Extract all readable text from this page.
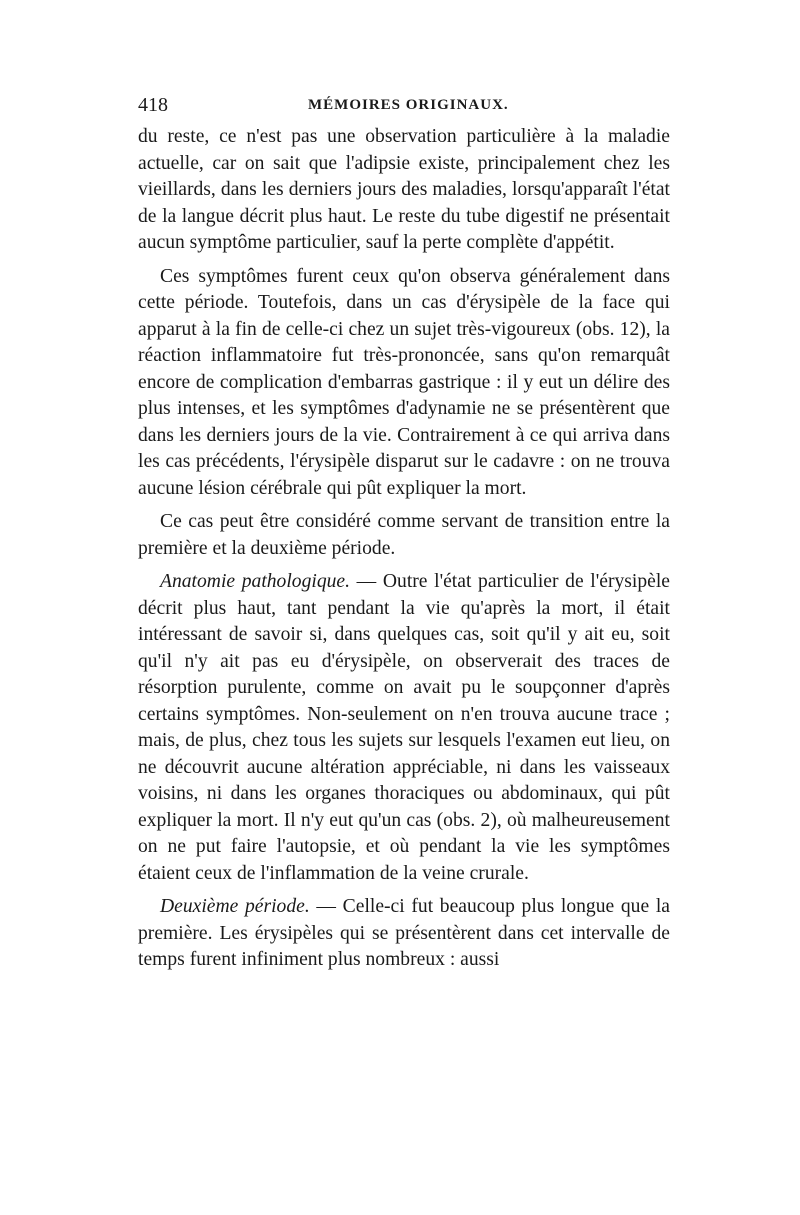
418	MÉMOIRES ORIGINAUX.

du reste, ce n'est pas une observation particulière à la maladie actuelle, car on sait que l'adipsie existe, principalement chez les vieillards, dans les derniers jours des maladies, lorsqu'apparaît l'état de la langue décrit plus haut. Le reste du tube digestif ne présentait aucun symptôme particulier, sauf la perte complète d'appétit.

Ces symptômes furent ceux qu'on observa généralement dans cette période. Toutefois, dans un cas d'érysipèle de la face qui apparut à la fin de celle-ci chez un sujet très-vigoureux (obs. 12), la réaction inflammatoire fut très-prononcée, sans qu'on remarquât encore de complication d'embarras gastrique : il y eut un délire des plus intenses, et les symptômes d'adynamie ne se présentèrent que dans les derniers jours de la vie. Contrairement à ce qui arriva dans les cas précédents, l'érysipèle disparut sur le cadavre : on ne trouva aucune lésion cérébrale qui pût expliquer la mort.

Ce cas peut être considéré comme servant de transition entre la première et la deuxième période.

Anatomie pathologique. — Outre l'état particulier de l'érysipèle décrit plus haut, tant pendant la vie qu'après la mort, il était intéressant de savoir si, dans quelques cas, soit qu'il y ait eu, soit qu'il n'y ait pas eu d'érysipèle, on observerait des traces de résorption purulente, comme on avait pu le soupçonner d'après certains symptômes. Non-seulement on n'en trouva aucune trace ; mais, de plus, chez tous les sujets sur lesquels l'examen eut lieu, on ne découvrit aucune altération appréciable, ni dans les vaisseaux voisins, ni dans les organes thoraciques ou abdominaux, qui pût expliquer la mort. Il n'y eut qu'un cas (obs. 2), où malheureusement on ne put faire l'autopsie, et où pendant la vie les symptômes étaient ceux de l'inflammation de la veine crurale.

Deuxième période. — Celle-ci fut beaucoup plus longue que la première. Les érysipèles qui se présentèrent dans cet intervalle de temps furent infiniment plus nombreux : aussi
